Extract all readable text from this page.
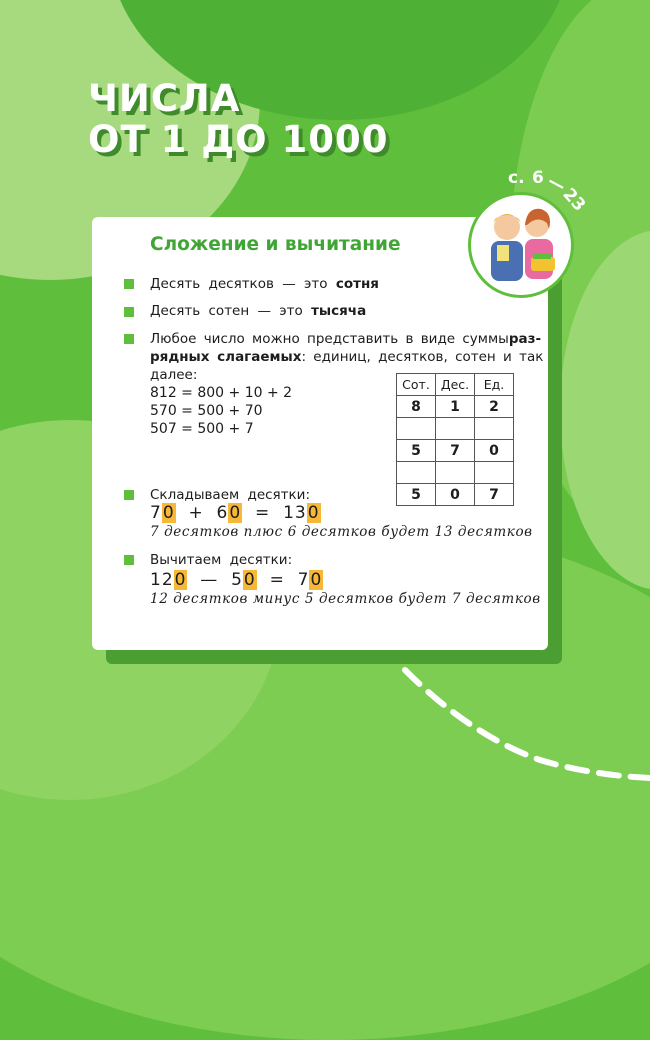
ЧИСЛА
ОТ 1 ДО 1000
с. 6 —
23
Сложение и вычитание
Десять десятков — это сотня
Десять сотен — это тысяча
Любое число можно представить в виде суммы раз-
рядных слагаемых: единиц, десятков, сотен и так
далее:
812 = 800 + 10 + 2
570 = 500 + 70
507 = 500 + 7
Сот.	Дес.	Ед.
8	1	2

5	7	0

5	0	7
Складываем десятки:
70 + 60 = 130
7 десятков плюс 6 десятков будет 13 десятков
Вычитаем десятки:
120 — 50 = 70
12 десятков минус 5 десятков будет 7 десятков
